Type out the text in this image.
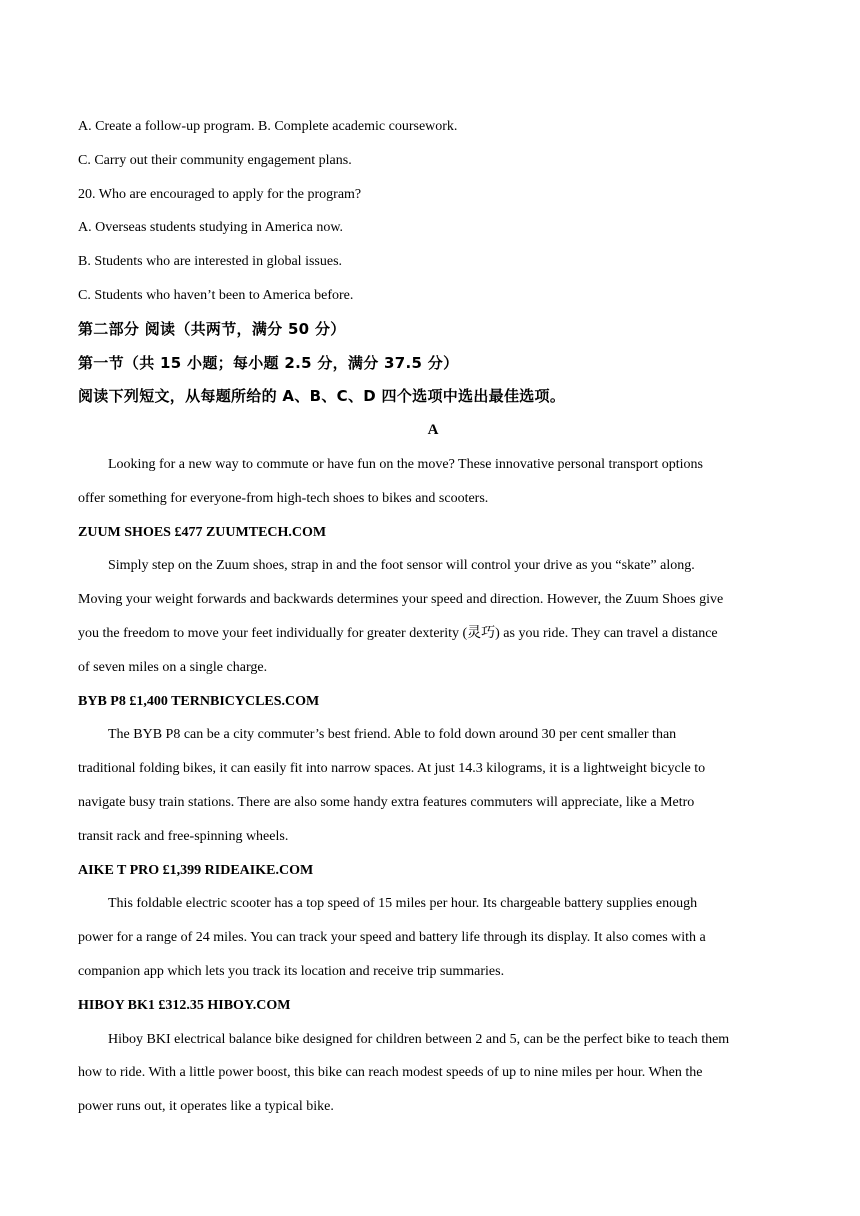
A. Create a follow-up program. B. Complete academic coursework.
C. Carry out their community engagement plans.
20. Who are encouraged to apply for the program?
A. Overseas students studying in America now.
B. Students who are interested in global issues.
C. Students who haven’t been to America before.
第二部分 阅读（共两节，满分 50 分）
第一节（共 15 小题；每小题 2.5 分，满分 37.5 分）
阅读下列短文，从每题所给的 A、B、C、D 四个选项中选出最佳选项。
A
Looking for a new way to commute or have fun on the move? These innovative personal transport options
offer something for everyone-from high-tech shoes to bikes and scooters.
ZUUM SHOES £477 ZUUMTECH.COM
Simply step on the Zuum shoes, strap in and the foot sensor will control your drive as you “skate” along.
Moving your weight forwards and backwards determines your speed and direction. However, the Zuum Shoes give
you the freedom to move your feet individually for greater dexterity (灵巧) as you ride. They can travel a distance
of seven miles on a single charge.
BYB P8 £1,400 TERNBICYCLES.COM
The BYB P8 can be a city commuter’s best friend. Able to fold down around 30 per cent smaller than
traditional folding bikes, it can easily fit into narrow spaces. At just 14.3 kilograms, it is a lightweight bicycle to
navigate busy train stations. There are also some handy extra features commuters will appreciate, like a Metro
transit rack and free-spinning wheels.
AIKE T PRO £1,399 RIDEAIKE.COM
This foldable electric scooter has a top speed of 15 miles per hour. Its chargeable battery supplies enough
power for a range of 24 miles. You can track your speed and battery life through its display. It also comes with a
companion app which lets you track its location and receive trip summaries.
HIBOY BK1 £312.35 HIBOY.COM
Hiboy BKI electrical balance bike designed for children between 2 and 5, can be the perfect bike to teach them
how to ride. With a little power boost, this bike can reach modest speeds of up to nine miles per hour. When the
power runs out, it operates like a typical bike.
